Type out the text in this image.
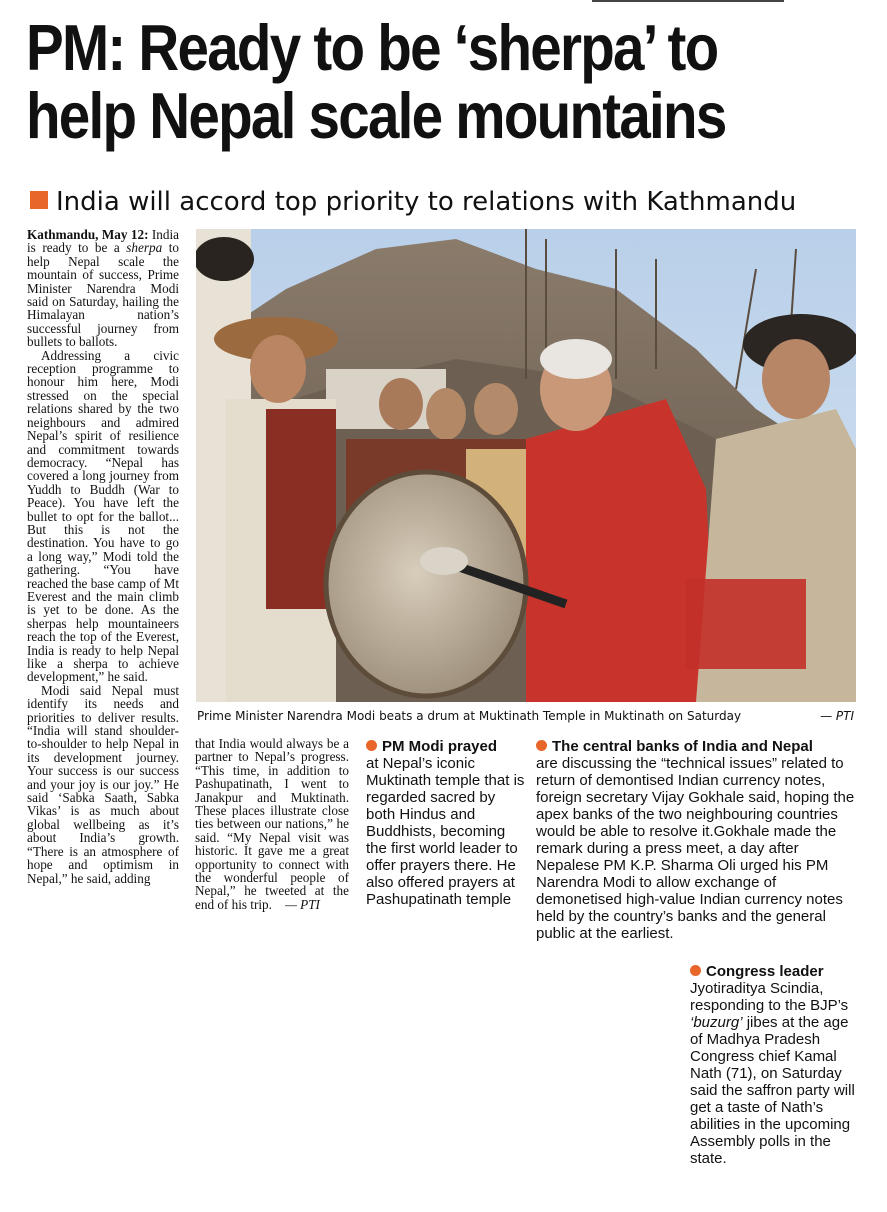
PM: Ready to be ‘sherpa’ to
help Nepal scale mountains
India will accord top priority to relations with Kathmandu

Kathmandu, May 12: India is ready to be a sherpa to help Nepal scale the mountain of success, Prime Minister Narendra Modi said on Saturday, hailing the Himalayan nation’s successful journey from bullets to ballots.

Addressing a civic reception programme to honour him here, Modi stressed on the special relations shared by the two neighbours and admired Nepal’s spirit of resilience and commitment towards democracy. “Nepal has covered a long journey from Yuddh to Buddh (War to Peace). You have left the bullet to opt for the ballot... But this is not the destination. You have to go a long way,” Modi told the gathering. “You have reached the base camp of Mt Everest and the main climb is yet to be done. As the sherpas help mountaineers reach the top of the Everest, India is ready to help Nepal like a sherpa to achieve development,” he said.

Modi said Nepal must identify its needs and priorities to deliver results. “India will stand shoulder-to-shoulder to help Nepal in its development journey. Your success is our success and your joy is our joy.” He said ‘Sabka Saath, Sabka Vikas’ is as much about global wellbeing as it’s about India’s growth. “There is an atmosphere of hope and optimism in Nepal,” he said, adding

that India would always be a partner to Nepal’s progress. “This time, in addition to Pashupatinath, I went to Janakpur and Muktinath. These places illustrate close ties between our nations,” he said. “My Nepal visit was historic. It gave me a great opportunity to connect with the wonderful people of Nepal,” he tweeted at the end of his trip. — PTI

Prime Minister Narendra Modi beats a drum at Muktinath Temple in Muktinath on Saturday	— PTI
PM Modi prayed
at Nepal’s iconic Muktinath temple that is regarded sacred by both Hindus and Buddhists, becoming the first world leader to offer prayers there. He also offered prayers at Pashupatinath temple
The central banks of India and Nepal
are discussing the “technical issues” related to return of demontised Indian currency notes, foreign secretary Vijay Gokhale said, hoping the apex banks of the two neighbouring countries would be able to resolve it.Gokhale made the remark during a press meet, a day after Nepalese PM K.P. Sharma Oli urged his PM Narendra Modi to allow exchange of demonetised high-value Indian currency notes held by the country’s banks and the general public at the earliest.
Congress leader
Jyotiraditya Scindia, responding to the BJP’s ‘buzurg’ jibes at the age of Madhya Pradesh Congress chief Kamal Nath (71), on Saturday said the saffron party will get a taste of Nath’s abilities in the upcoming Assembly polls in the state.
